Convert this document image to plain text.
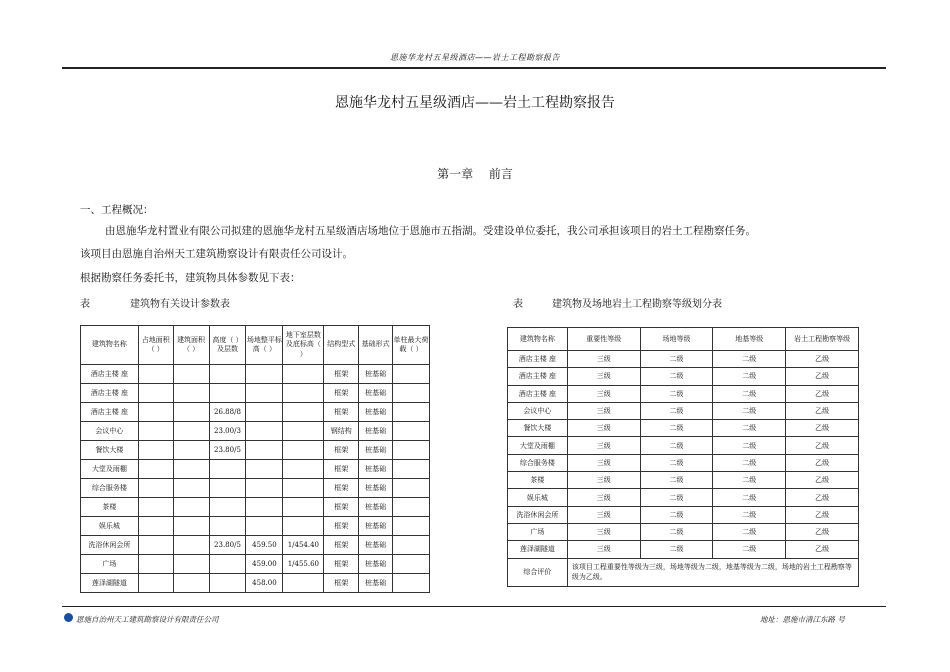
恩施华龙村五星级酒店——岩土工程勘察报告
恩施华龙村五星级酒店——岩土工程勘察报告
第一章 前言
一、工程概况：
由恩施华龙村置业有限公司拟建的恩施华龙村五星级酒店场地位于恩施市五指湖。受建设单位委托，我公司承担该项目的岩土工程勘察任务。
该项目由恩施自治州天工建筑勘察设计有限责任公司设计。
根据勘察任务委托书，建筑物具体参数见下表：
表	建筑物有关设计参数表	表	建筑物及场地岩土工程勘察等级划分表
建筑物名称	占地面积（ ）	建筑面积（ ）	高度（ ）及层数	场地整平标高（ ）	地下室层数及底标高（ ）	结构型式	基础形式	单柱最大荷载（ ）
酒店主楼 座						框架	桩基础	
酒店主楼 座						框架	桩基础	
酒店主楼 座			26.88/8			框架	桩基础	
会议中心			23.00/3			钢结构	桩基础	
餐饮大楼			23.80/5			框架	桩基础	
大堂及雨棚						框架	桩基础	
综合服务楼						框架	桩基础	
茶楼						框架	桩基础	
娱乐城						框架	桩基础	
洗浴休闲会所			23.80/5	459.50	1/454.40	框架	桩基础	
广场				459.00	1/455.60	框架	桩基础	
莲泽湖隧道				458.00		框架	桩基础	
建筑物名称	重要性等级	场地等级	地基等级	岩土工程勘察等级
酒店主楼 座	三级	二级	二级	乙级
酒店主楼 座	三级	二级	二级	乙级
酒店主楼 座	三级	二级	二级	乙级
会议中心	三级	二级	二级	乙级
餐饮大楼	三级	二级	二级	乙级
大堂及雨棚	三级	二级	二级	乙级
综合服务楼	三级	二级	二级	乙级
茶楼	三级	二级	二级	乙级
娱乐城	三级	二级	二级	乙级
洗浴休闲会所	三级	二级	二级	乙级
广场	三级	二级	二级	乙级
莲泽湖隧道	三级	二级	二级	乙级
综合评价	该项目工程重要性等级为三级，场地等级为二级，地基等级为二级，场地的岩土工程勘察等级为乙级。			
恩施自治州天工建筑勘察设计有限责任公司	地址：恩施市清江东路 号
